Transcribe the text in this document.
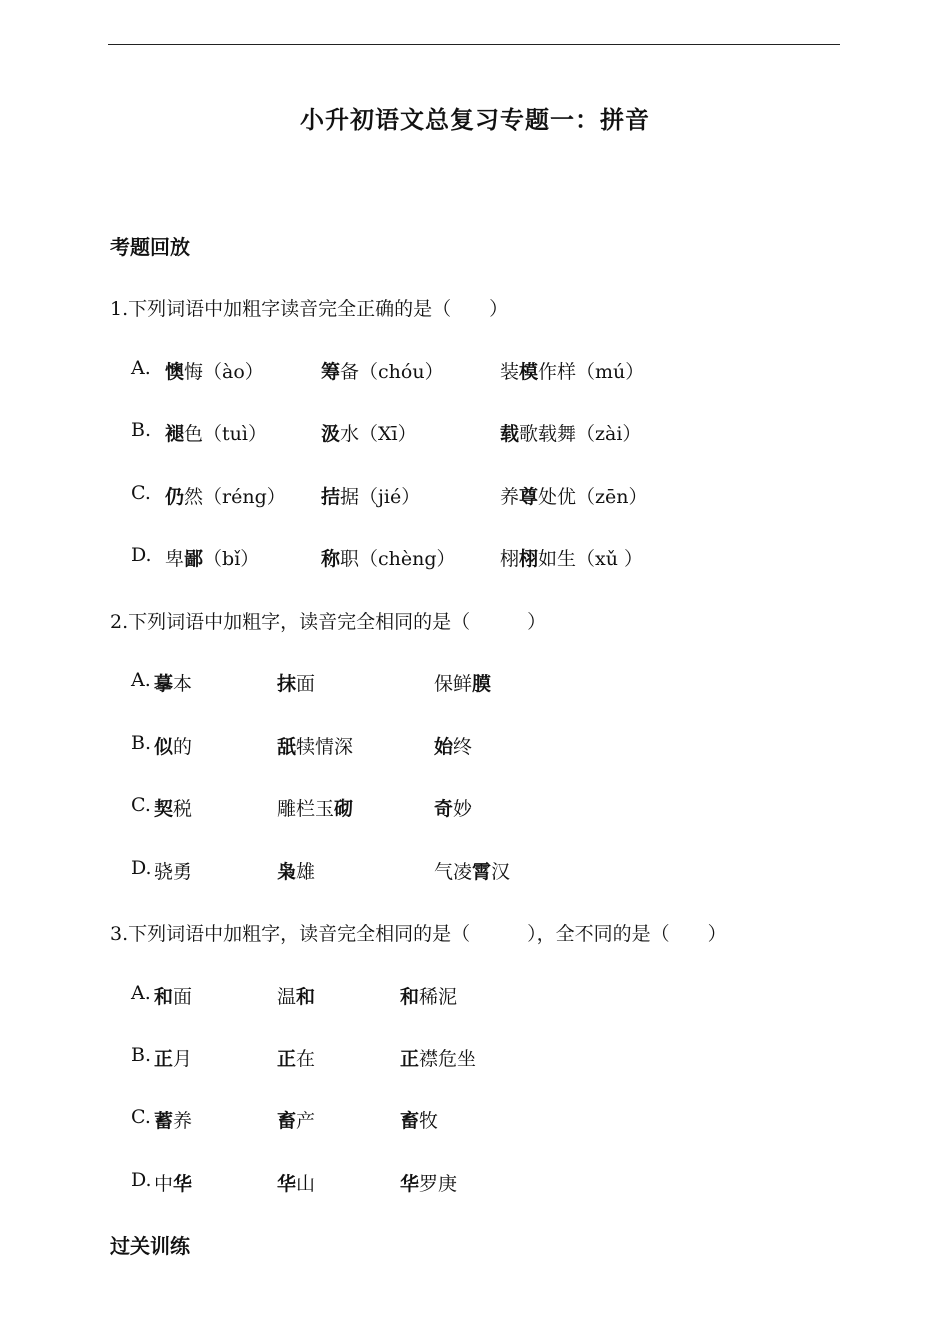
小升初语文总复习专题一：拼音
考题回放
1.下列词语中加粗字读音完全正确的是（　　）
A. 懊悔（ào）	筹备（chóu）	装模作样（mú）
B. 褪色（tuì）	汲水（Xī）	载歌载舞（zài）
C. 仍然（réng） 拮据（jié）	养尊处优（zēn）
D. 卑鄙（bǐ）	称职（chèng） 栩栩如生（xǔ ）
2.下列词语中加粗字，读音完全相同的是（　　　）
A. 摹本	抹面	保鲜膜
B. 似的	舐犊情深	始终
C. 契税	雕栏玉砌	奇妙
D. 骁勇	枭雄	气凌霄汉
3.下列词语中加粗字，读音完全相同的是（　　　），全不同的是（　　）
A. 和面	温和	和稀泥
B. 正月	正在	正襟危坐
C. 蓄养	畜产	畜牧
D. 中华	华山	华罗庚
过关训练
